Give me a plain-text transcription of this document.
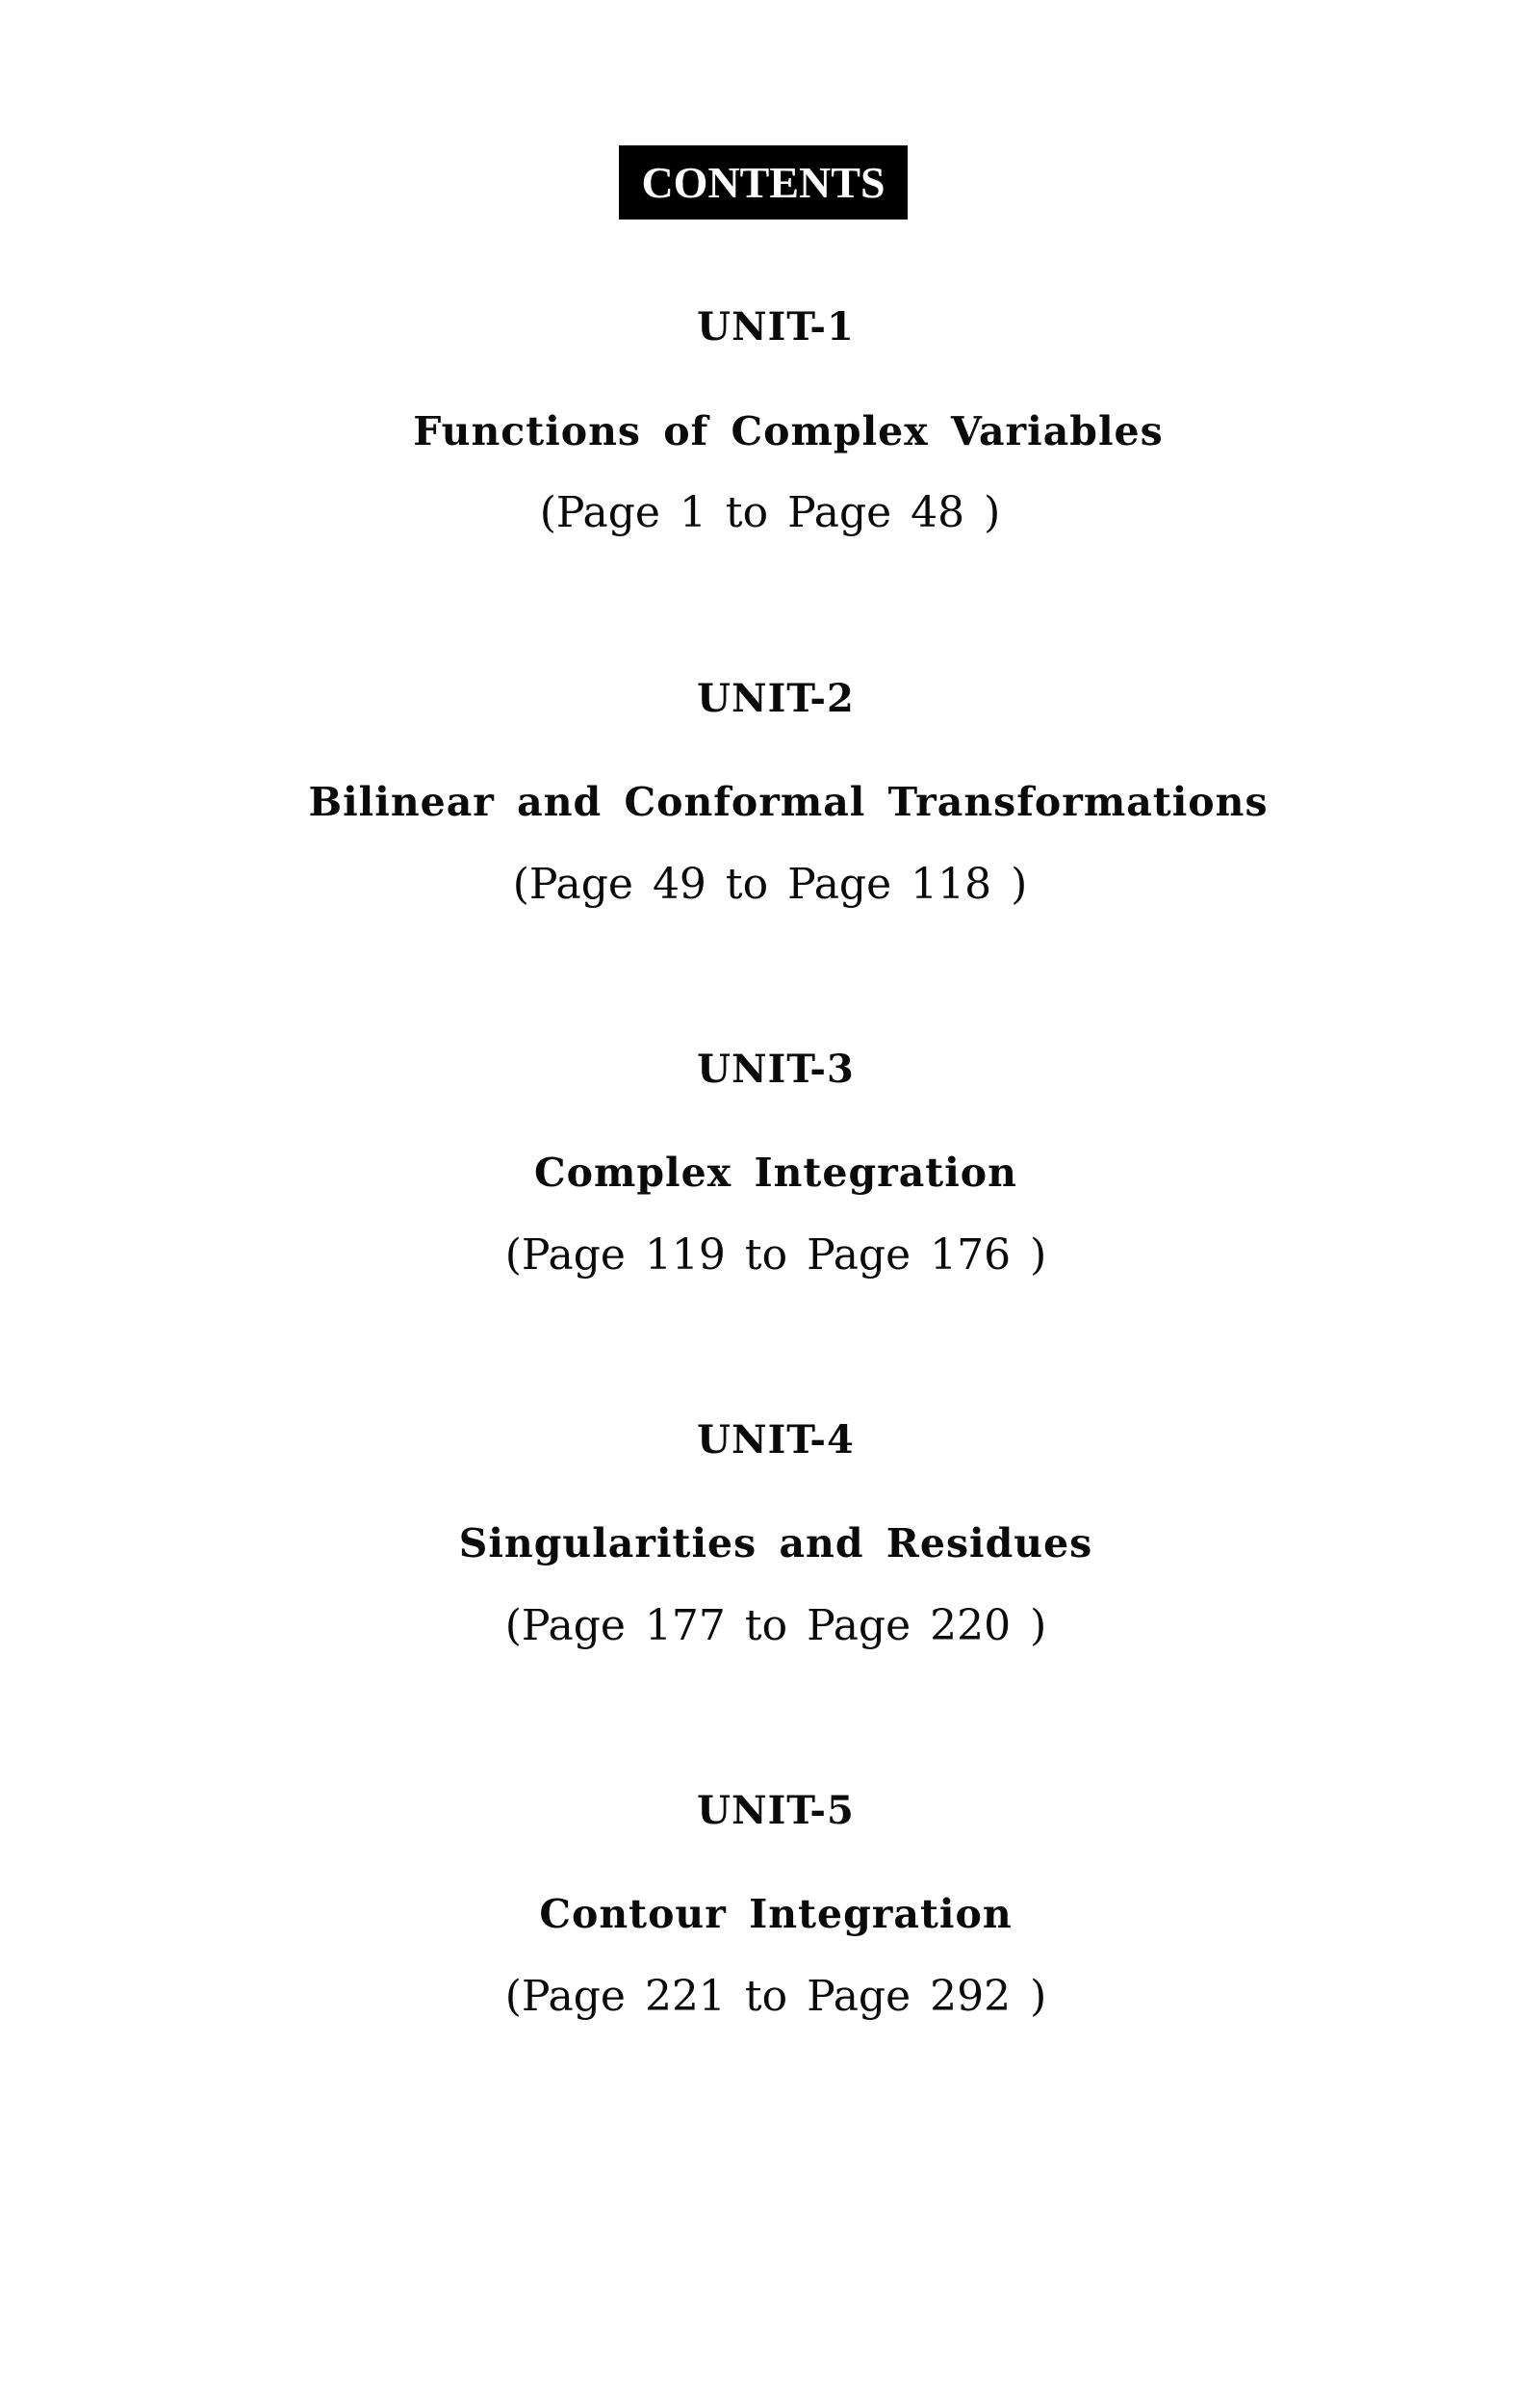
CONTENTS
UNIT-1
Functions of Complex Variables
(Page 1 to Page 48 )
UNIT-2
Bilinear and Conformal Transformations
(Page 49 to Page 118 )
UNIT-3
Complex Integration
(Page 119 to Page 176 )
UNIT-4
Singularities and Residues
(Page 177 to Page 220 )
UNIT-5
Contour Integration
(Page 221 to Page 292 )
